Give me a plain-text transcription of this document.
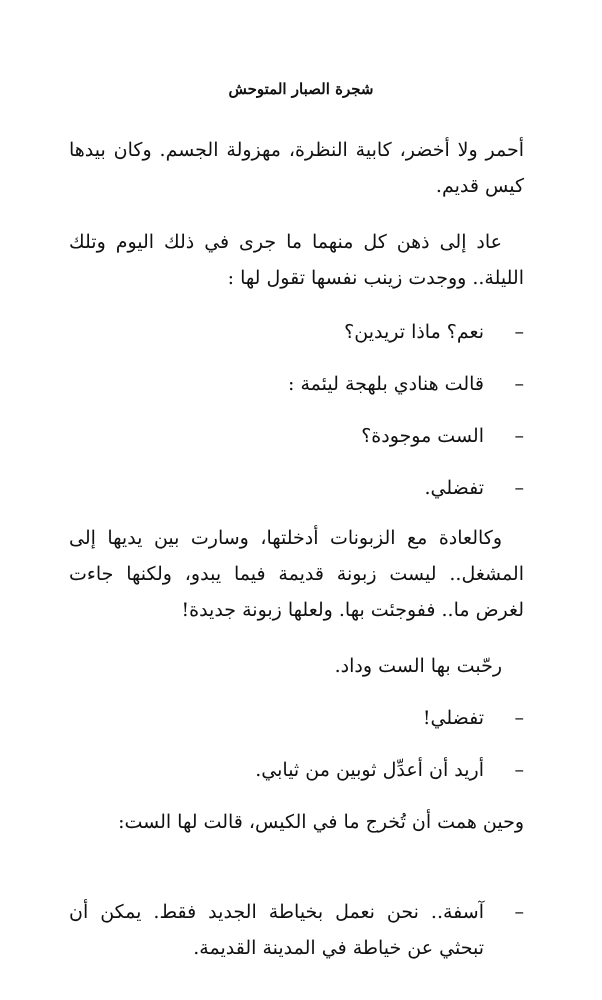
شجرة الصبار المتوحش

أحمر ولا أخضر، كابية النظرة، مهزولة الجسم. وكان بيدها كيس قديم.

عاد إلى ذهن كل منهما ما جرى في ذلك اليوم وتلك الليلة.. ووجدت زينب نفسها تقول لها :

–
نعم؟ ماذا تريدين؟
–
قالت هنادي بلهجة لیئمة :
–
الست موجودة؟
–
تفضلي.

وكالعادة مع الزبونات أدخلتها، وسارت بين يديها إلى المشغل.. ليست زبونة قديمة فيما يبدو، ولكنها جاءت لغرض ما.. ففوجئت بها. ولعلها زبونة جديدة!

رحّبت بها الست وداد.

–
تفضلي!
–
أريد أن أعدِّل ثوبين من ثيابي.

وحين همت أن تُخرج ما في الكيس، قالت لها الست:

–
آسفة.. نحن نعمل بخياطة الجديد فقط. يمكن أن تبحثي عن خياطة في المدينة القديمة.
